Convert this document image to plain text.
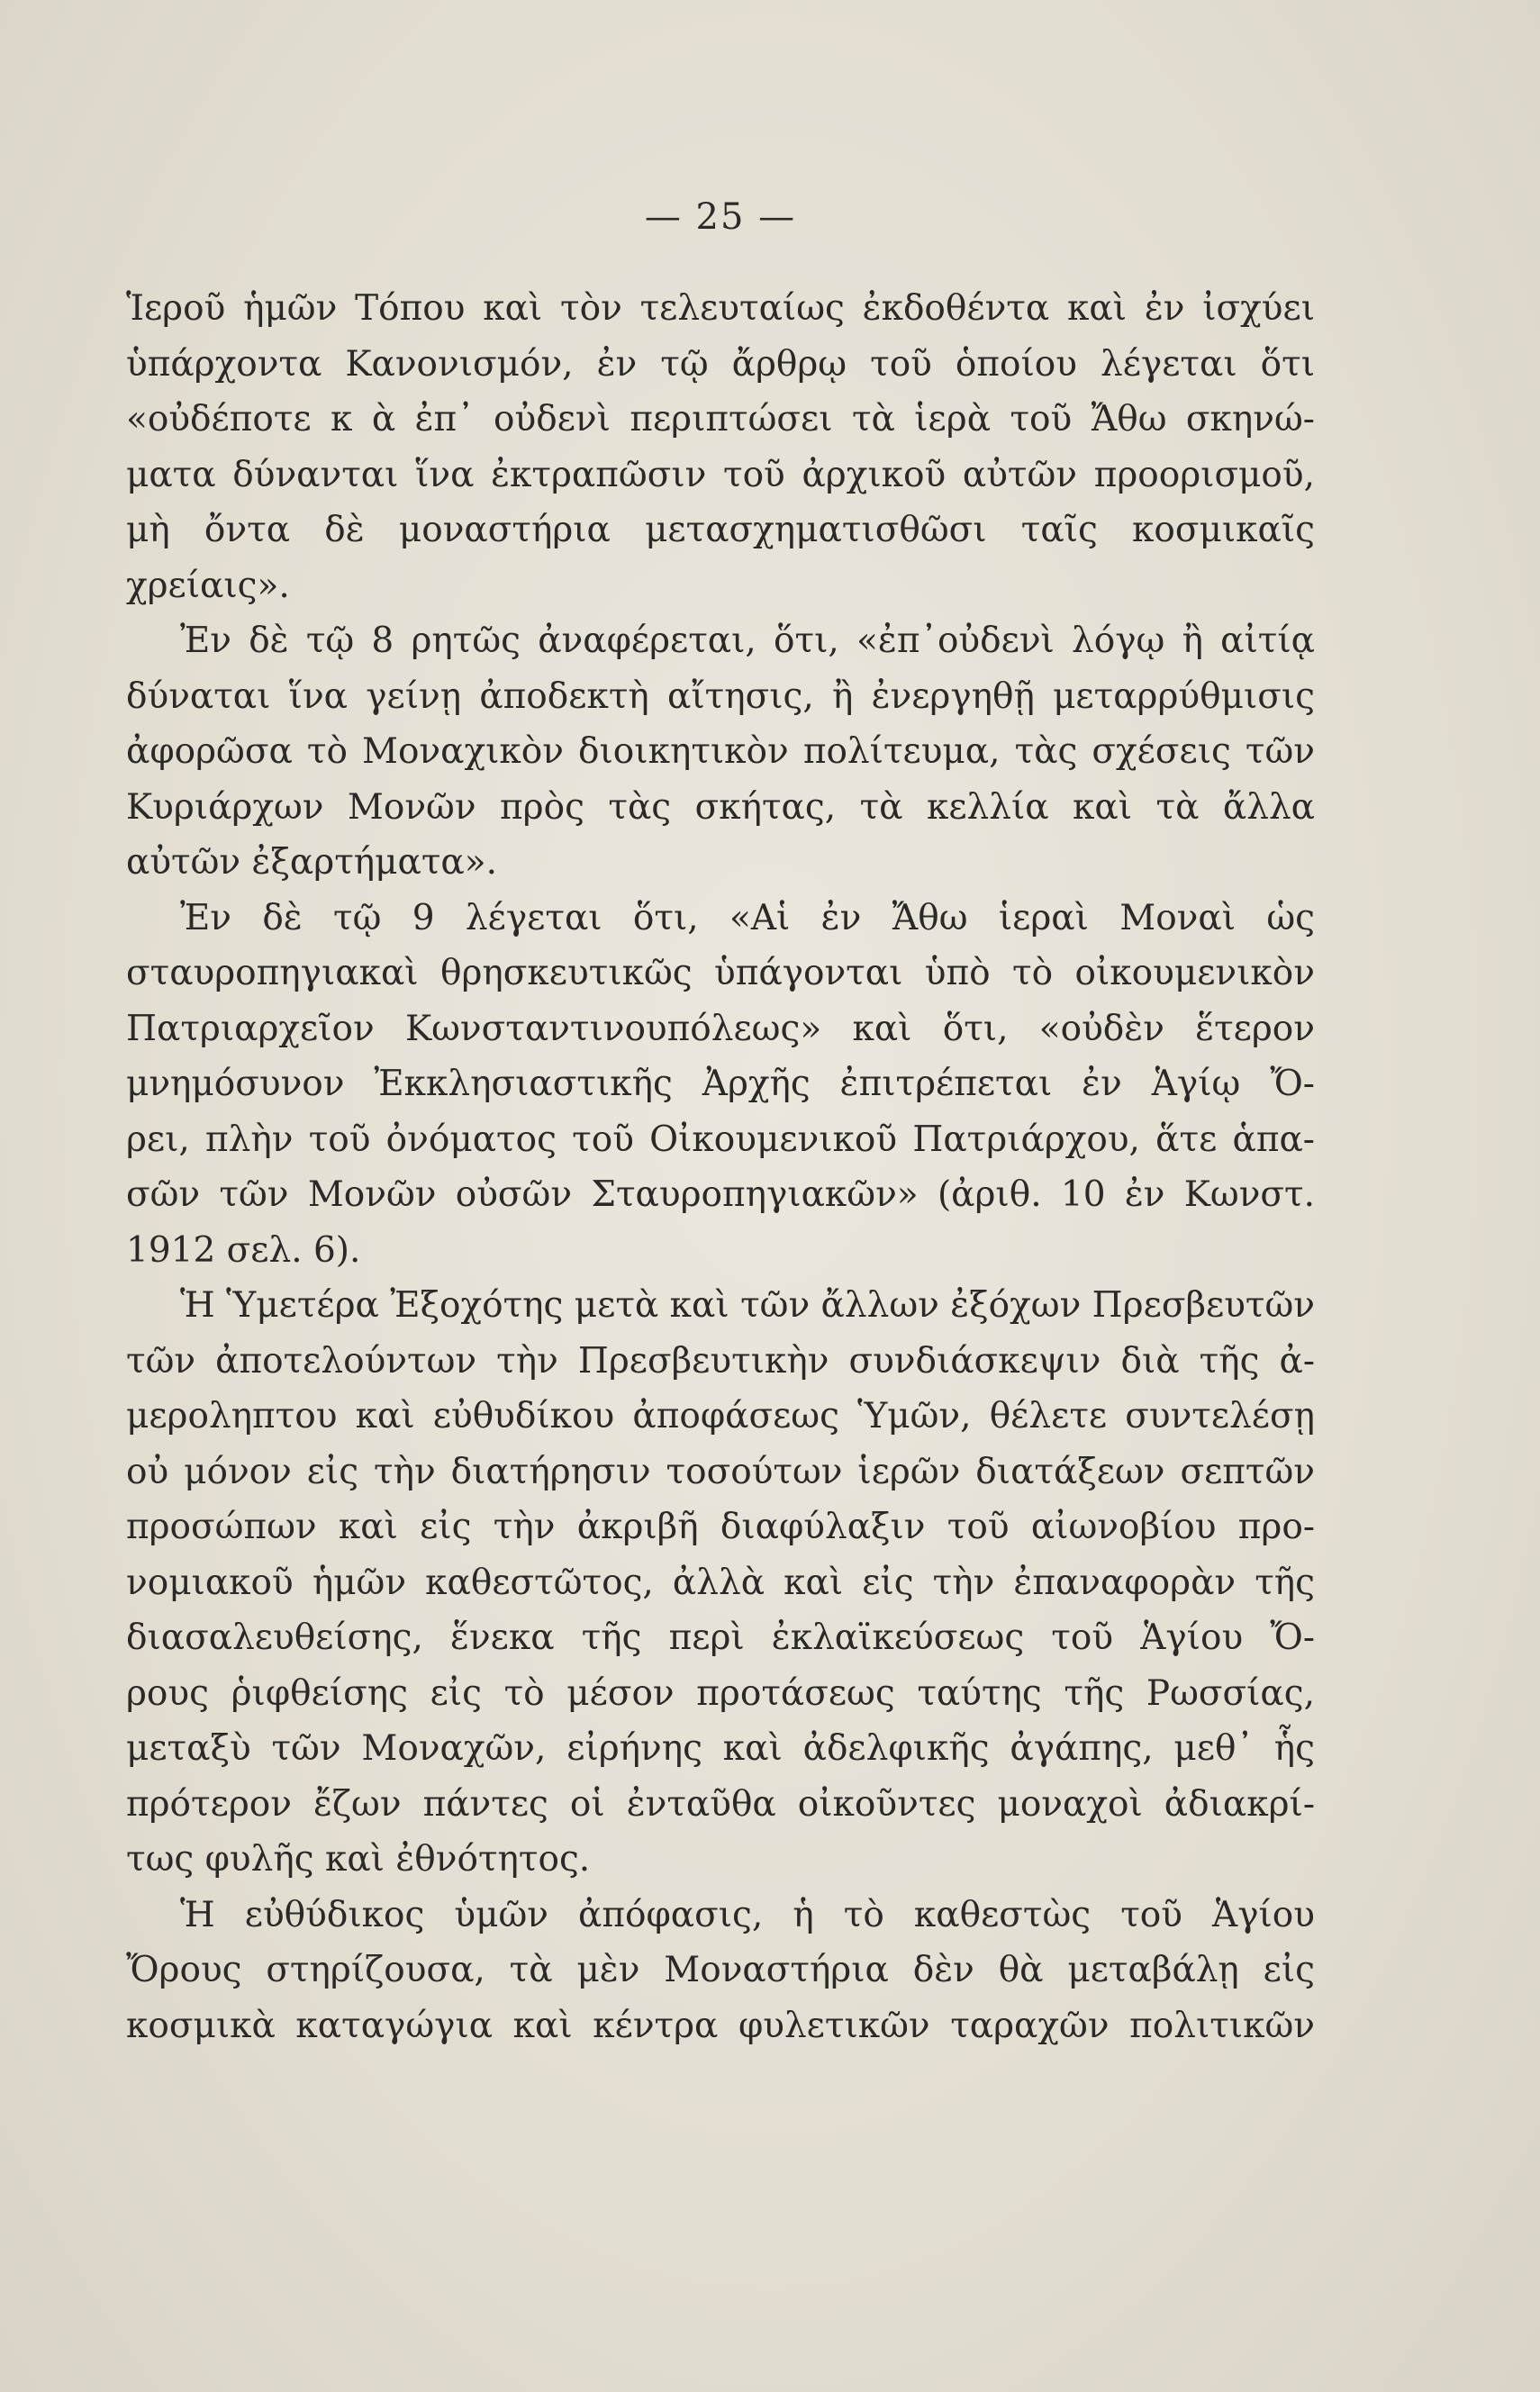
— 25 —
Ἱεροῦ ἡμῶν Τόπου καὶ τὸν τελευταίως ἐκδοθέντα καὶ ἐν ἰσχύει
ὑπάρχοντα Κανονισμόν, ἐν τῷ ἄρθρῳ τοῦ ὁποίου λέγεται ὅτι
«οὐδέποτε κ ὰ ἐπ᾽ οὐδενὶ περιπτώσει τὰ ἱερὰ τοῦ Ἄθω σκηνώ-
ματα δύνανται ἵνα ἐκτραπῶσιν τοῦ ἀρχικοῦ αὐτῶν προορισμοῦ,
μὴ ὄντα δὲ μοναστήρια μετασχηματισθῶσι ταῖς κοσμικαῖς
χρείαις».
Ἐν δὲ τῷ 8 ρητῶς ἀναφέρεται, ὅτι, «ἐπ᾽οὐδενὶ λόγῳ ἢ αἰτίᾳ
δύναται ἵνα γείνῃ ἀποδεκτὴ αἴτησις, ἢ ἐνεργηθῇ μεταρρύθμισις
ἀφορῶσα τὸ Μοναχικὸν διοικητικὸν πολίτευμα, τὰς σχέσεις τῶν
Κυριάρχων Μονῶν πρὸς τὰς σκήτας, τὰ κελλία καὶ τὰ ἄλλα
αὐτῶν ἐξαρτήματα».
Ἐν δὲ τῷ 9 λέγεται ὅτι, «Αἱ ἐν Ἄθω ἱεραὶ Μοναὶ ὡς
σταυροπηγιακαὶ θρησκευτικῶς ὑπάγονται ὑπὸ τὸ οἰκουμενικὸν
Πατριαρχεῖον Κωνσταντινουπόλεως» καὶ ὅτι, «οὐδὲν ἕτερον
μνημόσυνον Ἐκκλησιαστικῆς Ἀρχῆς ἐπιτρέπεται ἐν Ἁγίῳ Ὄ-
ρει, πλὴν τοῦ ὀνόματος τοῦ Οἰκουμενικοῦ Πατριάρχου, ἅτε ἁπα-
σῶν τῶν Μονῶν οὐσῶν Σταυροπηγιακῶν» (ἀριθ. 10 ἐν Κωνστ.
1912 σελ. 6).
Ἡ Ὑμετέρα Ἐξοχότης μετὰ καὶ τῶν ἄλλων ἐξόχων Πρεσβευτῶν
τῶν ἀποτελούντων τὴν Πρεσβευτικὴν συνδιάσκεψιν διὰ τῆς ἀ-
μεροληπτου καὶ εὐθυδίκου ἀποφάσεως Ὑμῶν, θέλετε συντελέσῃ
οὐ μόνον εἰς τὴν διατήρησιν τοσούτων ἱερῶν διατάξεων σεπτῶν
προσώπων καὶ εἰς τὴν ἀκριβῆ διαφύλαξιν τοῦ αἰωνοβίου προ-
νομιακοῦ ἡμῶν καθεστῶτος, ἀλλὰ καὶ εἰς τὴν ἐπαναφορὰν τῆς
διασαλευθείσης, ἕνεκα τῆς περὶ ἐκλαϊκεύσεως τοῦ Ἁγίου Ὄ-
ρους ῥιφθείσης εἰς τὸ μέσον προτάσεως ταύτης τῆς Ρωσσίας,
μεταξὺ τῶν Μοναχῶν, εἰρήνης καὶ ἀδελφικῆς ἀγάπης, μεθ᾽ ἧς
πρότερον ἔζων πάντες οἱ ἐνταῦθα οἰκοῦντες μοναχοὶ ἀδιακρί-
τως φυλῆς καὶ ἐθνότητος.
Ἡ εὐθύδικος ὑμῶν ἀπόφασις, ἡ τὸ καθεστὼς τοῦ Ἁγίου
Ὄρους στηρίζουσα, τὰ μὲν Μοναστήρια δὲν θὰ μεταβάλῃ εἰς
κοσμικὰ καταγώγια καὶ κέντρα φυλετικῶν ταραχῶν πολιτικῶν
